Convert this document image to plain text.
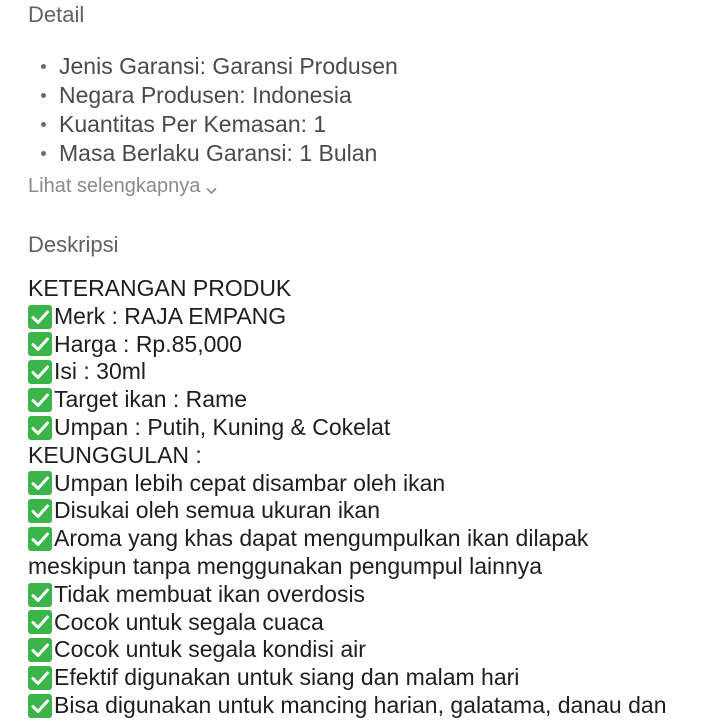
Detail
Jenis Garansi: Garansi Produsen
Negara Produsen: Indonesia
Kuantitas Per Kemasan: 1
Masa Berlaku Garansi: 1 Bulan
Lihat selengkapnya
Deskripsi
KETERANGAN PRODUK
Merk : RAJA EMPANG
Harga : Rp.85,000
Isi : 30ml
Target ikan : Rame
Umpan : Putih, Kuning & Cokelat
KEUNGGULAN :
Umpan lebih cepat disambar oleh ikan
Disukai oleh semua ukuran ikan
Aroma yang khas dapat mengumpulkan ikan dilapak
meskipun tanpa menggunakan pengumpul lainnya
Tidak membuat ikan overdosis
Cocok untuk segala cuaca
Cocok untuk segala kondisi air
Efektif digunakan untuk siang dan malam hari
Bisa digunakan untuk mancing harian, galatama, danau dan
